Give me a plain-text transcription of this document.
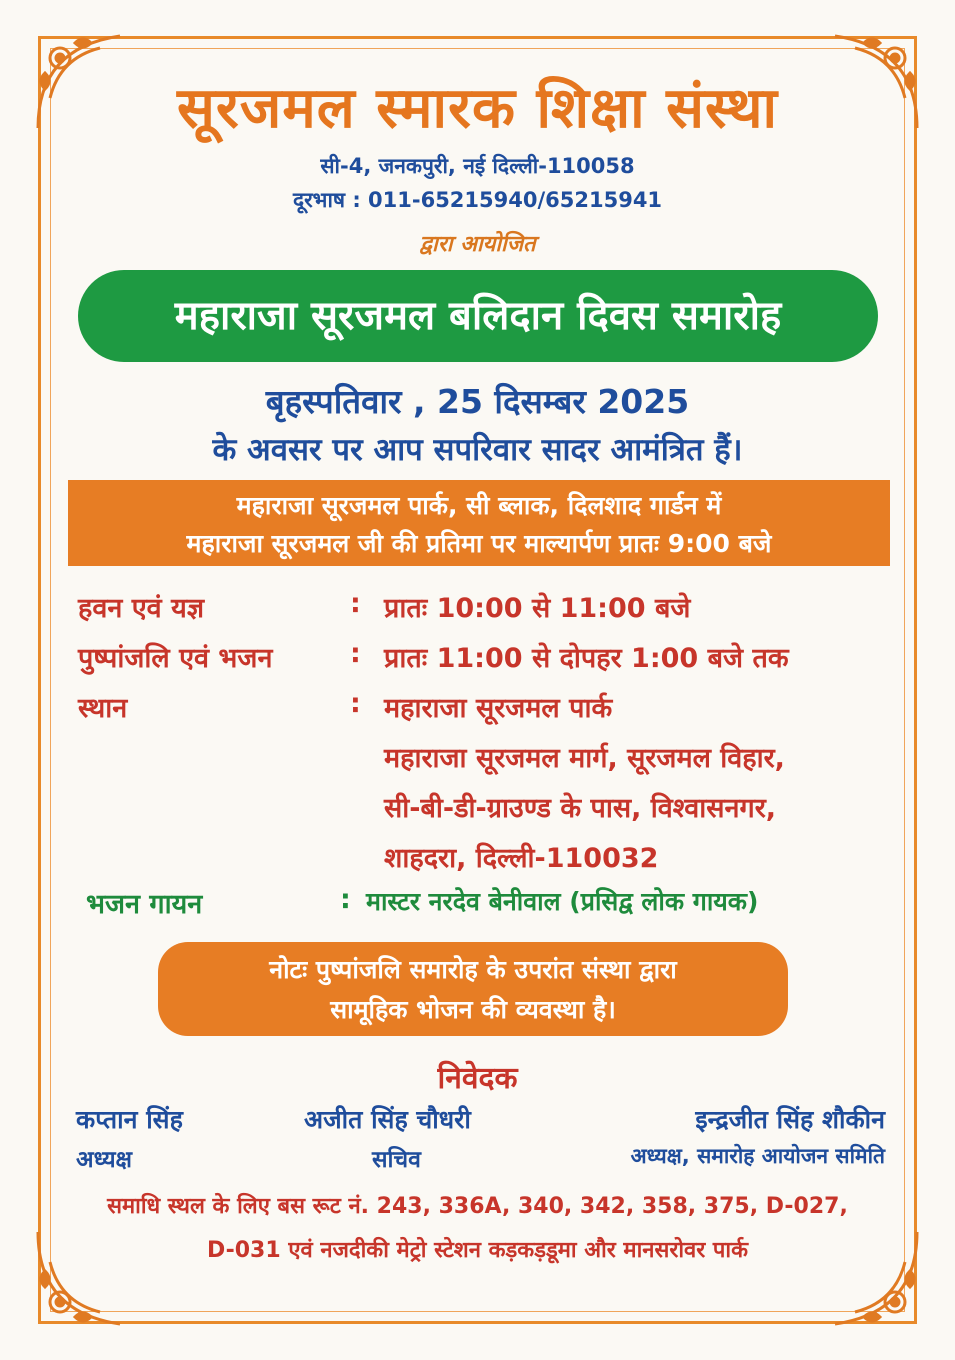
सूरजमल स्मारक शिक्षा संस्था
सी-4, जनकपुरी, नई दिल्ली-110058
दूरभाष : 011-65215940/65215941
द्वारा आयोजित
महाराजा सूरजमल बलिदान दिवस समारोह
बृहस्पतिवार , 25 दिसम्बर 2025
के अवसर पर आप सपरिवार सादर आमंत्रित हैं।
महाराजा सूरजमल पार्क, सी ब्लाक, दिलशाद गार्डन में
महाराजा सूरजमल जी की प्रतिमा पर माल्यार्पण प्रातः 9:00 बजे
हवन एवं यज्ञ	: प्रातः 10:00 से 11:00 बजे
पुष्पांजलि एवं भजन	: प्रातः 11:00 से दोपहर 1:00 बजे तक
स्थान	: महाराजा सूरजमल पार्क
महाराजा सूरजमल मार्ग, सूरजमल विहार,
सी-बी-डी-ग्राउण्ड के पास, विश्वासनगर,
शाहदरा, दिल्ली-110032
भजन गायन	: मास्टर नरदेव बेनीवाल (प्रसिद्व लोक गायक)
नोटः पुष्पांजलि समारोह के उपरांत संस्था द्वारा
सामूहिक भोजन की व्यवस्था है।
निवेदक
कप्तान सिंह
अध्यक्ष
अजीत सिंह चौधरी
सचिव
इन्द्रजीत सिंह शौकीन
अध्यक्ष, समारोह आयोजन समिति
समाधि स्थल के लिए बस रूट नं. 243, 336A, 340, 342, 358, 375, D-027,
D-031 एवं नजदीकी मेट्रो स्टेशन कड़कड़डूमा और मानसरोवर पार्क
